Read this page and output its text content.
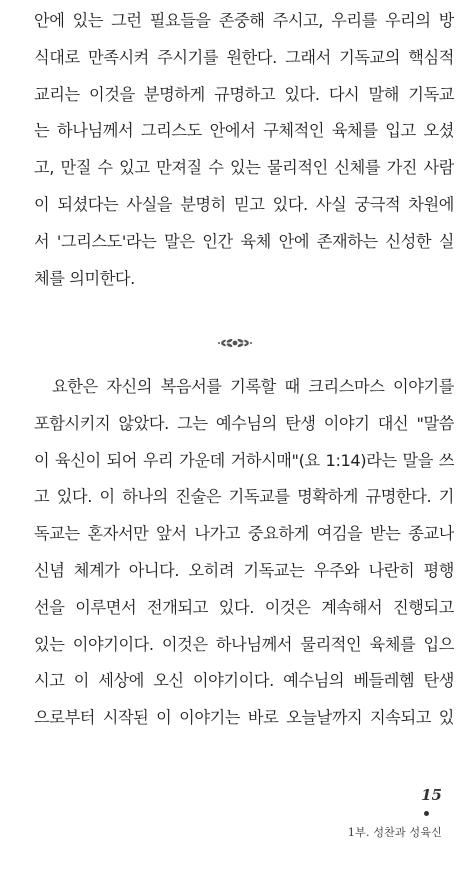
안에 있는 그런 필요들을 존중해 주시고, 우리를 우리의 방
식대로 만족시켜 주시기를 원한다. 그래서 기독교의 핵심적
교리는 이것을 분명하게 규명하고 있다. 다시 말해 기독교
는 하나님께서 그리스도 안에서 구체적인 육체를 입고 오셨
고, 만질 수 있고 만져질 수 있는 물리적인 신체를 가진 사람
이 되셨다는 사실을 분명히 믿고 있다. 사실 궁극적 차원에
서 '그리스도'라는 말은 인간 육체 안에 존재하는 신성한 실
체를 의미한다.
요한은 자신의 복음서를 기록할 때 크리스마스 이야기를
포함시키지 않았다. 그는 예수님의 탄생 이야기 대신 "말씀
이 육신이 되어 우리 가운데 거하시매"(요 1:14)라는 말을 쓰
고 있다. 이 하나의 진술은 기독교를 명확하게 규명한다. 기
독교는 혼자서만 앞서 나가고 중요하게 여김을 받는 종교나
신념 체계가 아니다. 오히려 기독교는 우주와 나란히 평행
선을 이루면서 전개되고 있다. 이것은 계속해서 진행되고
있는 이야기이다. 이것은 하나님께서 물리적인 육체를 입으
시고 이 세상에 오신 이야기이다. 예수님의 베들레헴 탄생
으로부터 시작된 이 이야기는 바로 오늘날까지 지속되고 있
15
1부. 성찬과 성육신
